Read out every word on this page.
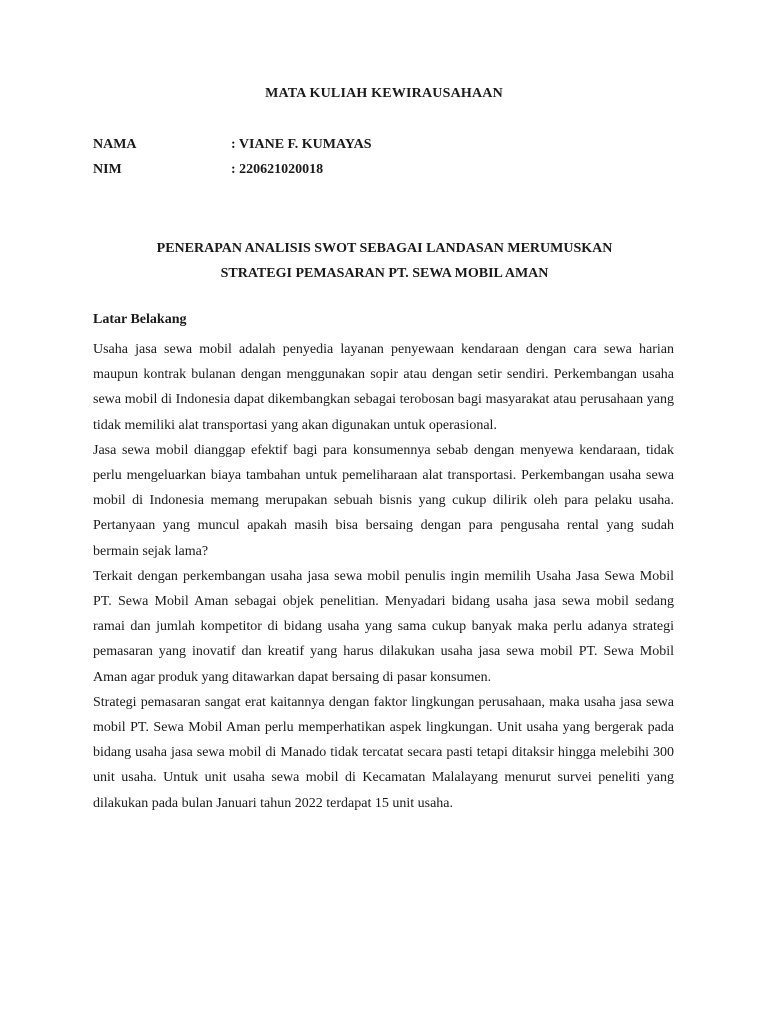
MATA KULIAH KEWIRAUSAHAAN
NAMA	: VIANE F. KUMAYAS
NIM	: 220621020018
PENERAPAN ANALISIS SWOT SEBAGAI LANDASAN MERUMUSKAN
STRATEGI PEMASARAN PT. SEWA MOBIL AMAN
Latar Belakang

Usaha jasa sewa mobil adalah penyedia layanan penyewaan kendaraan dengan cara sewa harian maupun kontrak bulanan dengan menggunakan sopir atau dengan setir sendiri. Perkembangan usaha sewa mobil di Indonesia dapat dikembangkan sebagai terobosan bagi masyarakat atau perusahaan yang tidak memiliki alat transportasi yang akan digunakan untuk operasional.

Jasa sewa mobil dianggap efektif bagi para konsumennya sebab dengan menyewa kendaraan, tidak perlu mengeluarkan biaya tambahan untuk pemeliharaan alat transportasi. Perkembangan usaha sewa mobil di Indonesia memang merupakan sebuah bisnis yang cukup dilirik oleh para pelaku usaha. Pertanyaan yang muncul apakah masih bisa bersaing dengan para pengusaha rental yang sudah bermain sejak lama?

Terkait dengan perkembangan usaha jasa sewa mobil penulis ingin memilih Usaha Jasa Sewa Mobil PT. Sewa Mobil Aman sebagai objek penelitian. Menyadari bidang usaha jasa sewa mobil sedang ramai dan jumlah kompetitor di bidang usaha yang sama cukup banyak maka perlu adanya strategi pemasaran yang inovatif dan kreatif yang harus dilakukan usaha jasa sewa mobil PT. Sewa Mobil Aman agar produk yang ditawarkan dapat bersaing di pasar konsumen.

Strategi pemasaran sangat erat kaitannya dengan faktor lingkungan perusahaan, maka usaha jasa sewa mobil PT. Sewa Mobil Aman perlu memperhatikan aspek lingkungan. Unit usaha yang bergerak pada bidang usaha jasa sewa mobil di Manado tidak tercatat secara pasti tetapi ditaksir hingga melebihi 300 unit usaha. Untuk unit usaha sewa mobil di Kecamatan Malalayang menurut survei peneliti yang dilakukan pada bulan Januari tahun 2022 terdapat 15 unit usaha.
